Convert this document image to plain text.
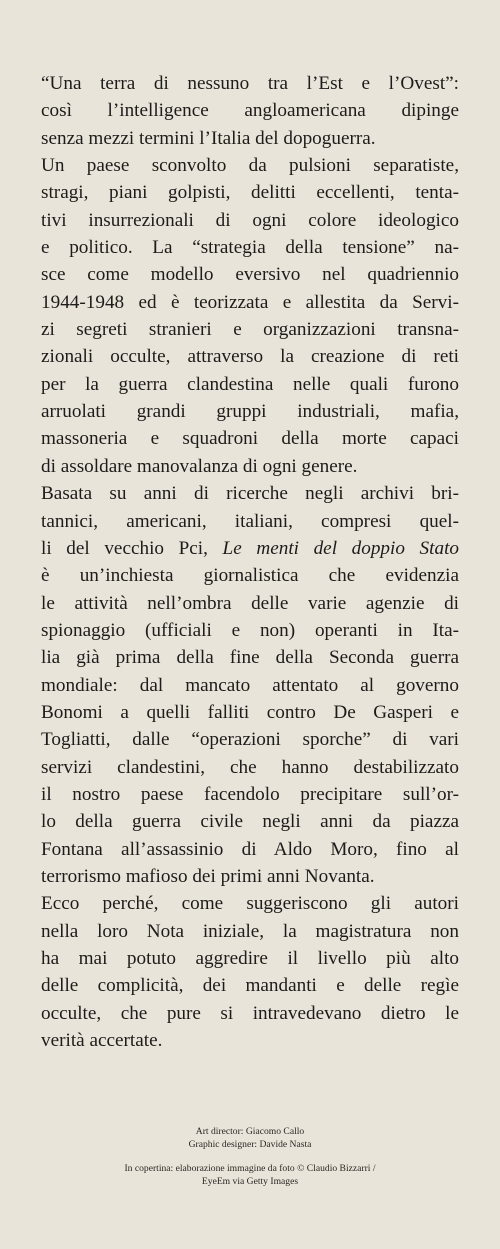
“Una terra di nessuno tra l’Est e l’Ovest”:
così l’intelligence angloamericana dipinge
senza mezzi termini l’Italia del dopoguerra.
Un paese sconvolto da pulsioni separatiste,
stragi, piani golpisti, delitti eccellenti, tenta-
tivi insurrezionali di ogni colore ideologico
e politico. La “strategia della tensione” na-
sce come modello eversivo nel quadriennio
1944-1948 ed è teorizzata e allestita da Servi-
zi segreti stranieri e organizzazioni transna-
zionali occulte, attraverso la creazione di reti
per la guerra clandestina nelle quali furono
arruolati grandi gruppi industriali, mafia,
massoneria e squadroni della morte capaci
di assoldare manovalanza di ogni genere.
Basata su anni di ricerche negli archivi bri-
tannici, americani, italiani, compresi quel-
li del vecchio Pci, Le menti del doppio Stato
è un’inchiesta giornalistica che evidenzia
le attività nell’ombra delle varie agenzie di
spionaggio (ufficiali e non) operanti in Ita-
lia già prima della fine della Seconda guerra
mondiale: dal mancato attentato al governo
Bonomi a quelli falliti contro De Gasperi e
Togliatti, dalle “operazioni sporche” di vari
servizi clandestini, che hanno destabilizzato
il nostro paese facendolo precipitare sull’or-
lo della guerra civile negli anni da piazza
Fontana all’assassinio di Aldo Moro, fino al
terrorismo mafioso dei primi anni Novanta.
Ecco perché, come suggeriscono gli autori
nella loro Nota iniziale, la magistratura non
ha mai potuto aggredire il livello più alto
delle complicità, dei mandanti e delle regìe
occulte, che pure si intravedevano dietro le
verità accertate.
Art director: Giacomo Callo
Graphic designer: Davide Nasta
In copertina: elaborazione immagine da foto © Claudio Bizzarri /
EyeEm via Getty Images
